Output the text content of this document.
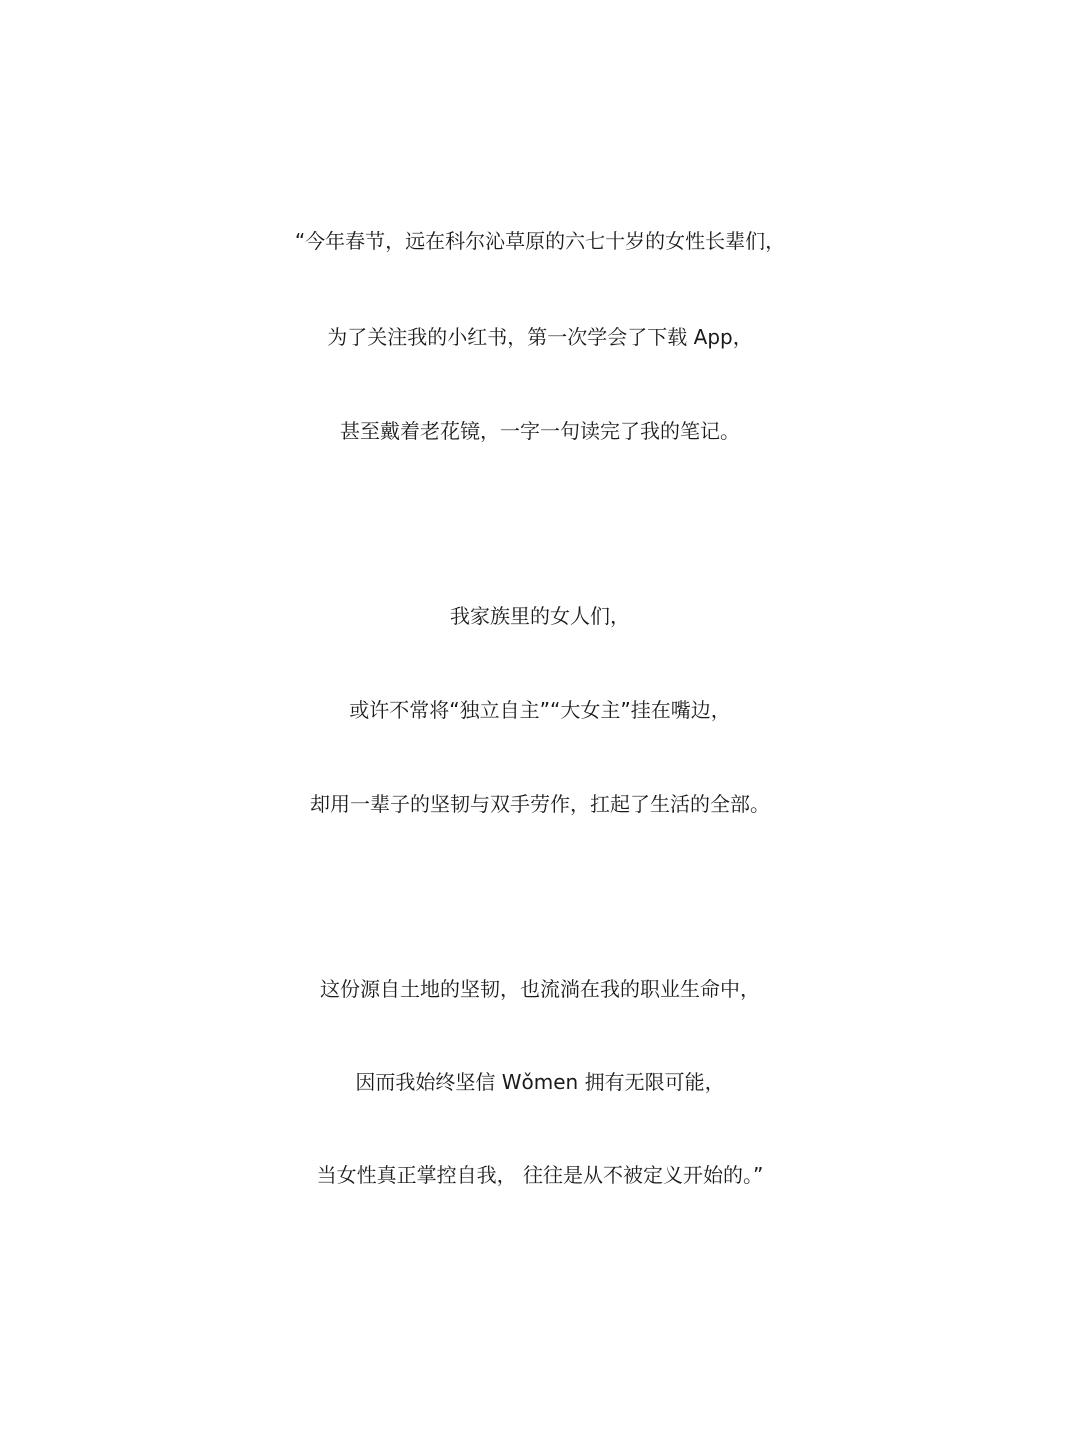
“今年春节，远在科尔沁草原的六七十岁的女性长辈们，
为了关注我的小红书，第一次学会了下载 App，
甚至戴着老花镜，一字一句读完了我的笔记。
我家族里的女人们，
或许不常将“独立自主”“大女主”挂在嘴边，
却用一辈子的坚韧与双手劳作，扛起了生活的全部。
这份源自土地的坚韧，也流淌在我的职业生命中，
因而我始终坚信 Wǒmen 拥有无限可能，
当女性真正掌控自我， 往往是从不被定义开始的。”
